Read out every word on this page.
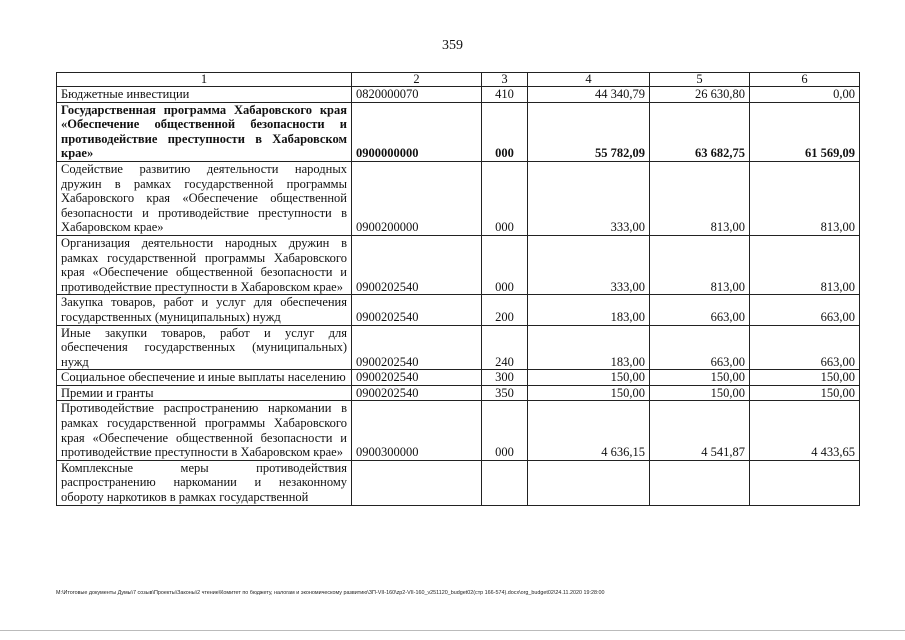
359
1	2	3	4	5	6
Бюджетные инвестиции	0820000070	410	44 340,79	26 630,80	0,00
Государственная программа Хабаровского края «Обеспечение общественной безопасности и противодействие преступности в Хабаровском крае»	0900000000	000	55 782,09	63 682,75	61 569,09
Содействие развитию деятельности народных дружин в рамках государственной программы Хабаровского края «Обеспечение общественной безопасности и противодействие преступности в Хабаровском крае»	0900200000	000	333,00	813,00	813,00
Организация деятельности народных дружин в рамках государственной программы Хабаровского края «Обеспечение общественной безопасности и противодействие преступности в Хабаровском крае»	0900202540	000	333,00	813,00	813,00
Закупка товаров, работ и услуг для обеспечения государственных (муниципальных) нужд	0900202540	200	183,00	663,00	663,00
Иные закупки товаров, работ и услуг для обеспечения государственных (муниципальных) нужд	0900202540	240	183,00	663,00	663,00
Социальное обеспечение и иные выплаты населению	0900202540	300	150,00	150,00	150,00
Премии и гранты	0900202540	350	150,00	150,00	150,00
Противодействие распространению наркомании в рамках государственной программы Хабаровского края «Обеспечение общественной безопасности и противодействие преступности в Хабаровском крае»	0900300000	000	4 636,15	4 541,87	4 433,65
Комплексные меры противодействия распространению наркомании и незаконному обороту наркотиков в рамках государственной					
M:\Итоговые документы Думы\7 созыв\Проекты\Законы\2 чтение\Комитет по бюджету, налогам и экономическому развитию\ЗП-VII-160\zp2-VII-160_v251120_budget02(стр 166-574).docx\org_budget02\24.11.2020 19:28:00
